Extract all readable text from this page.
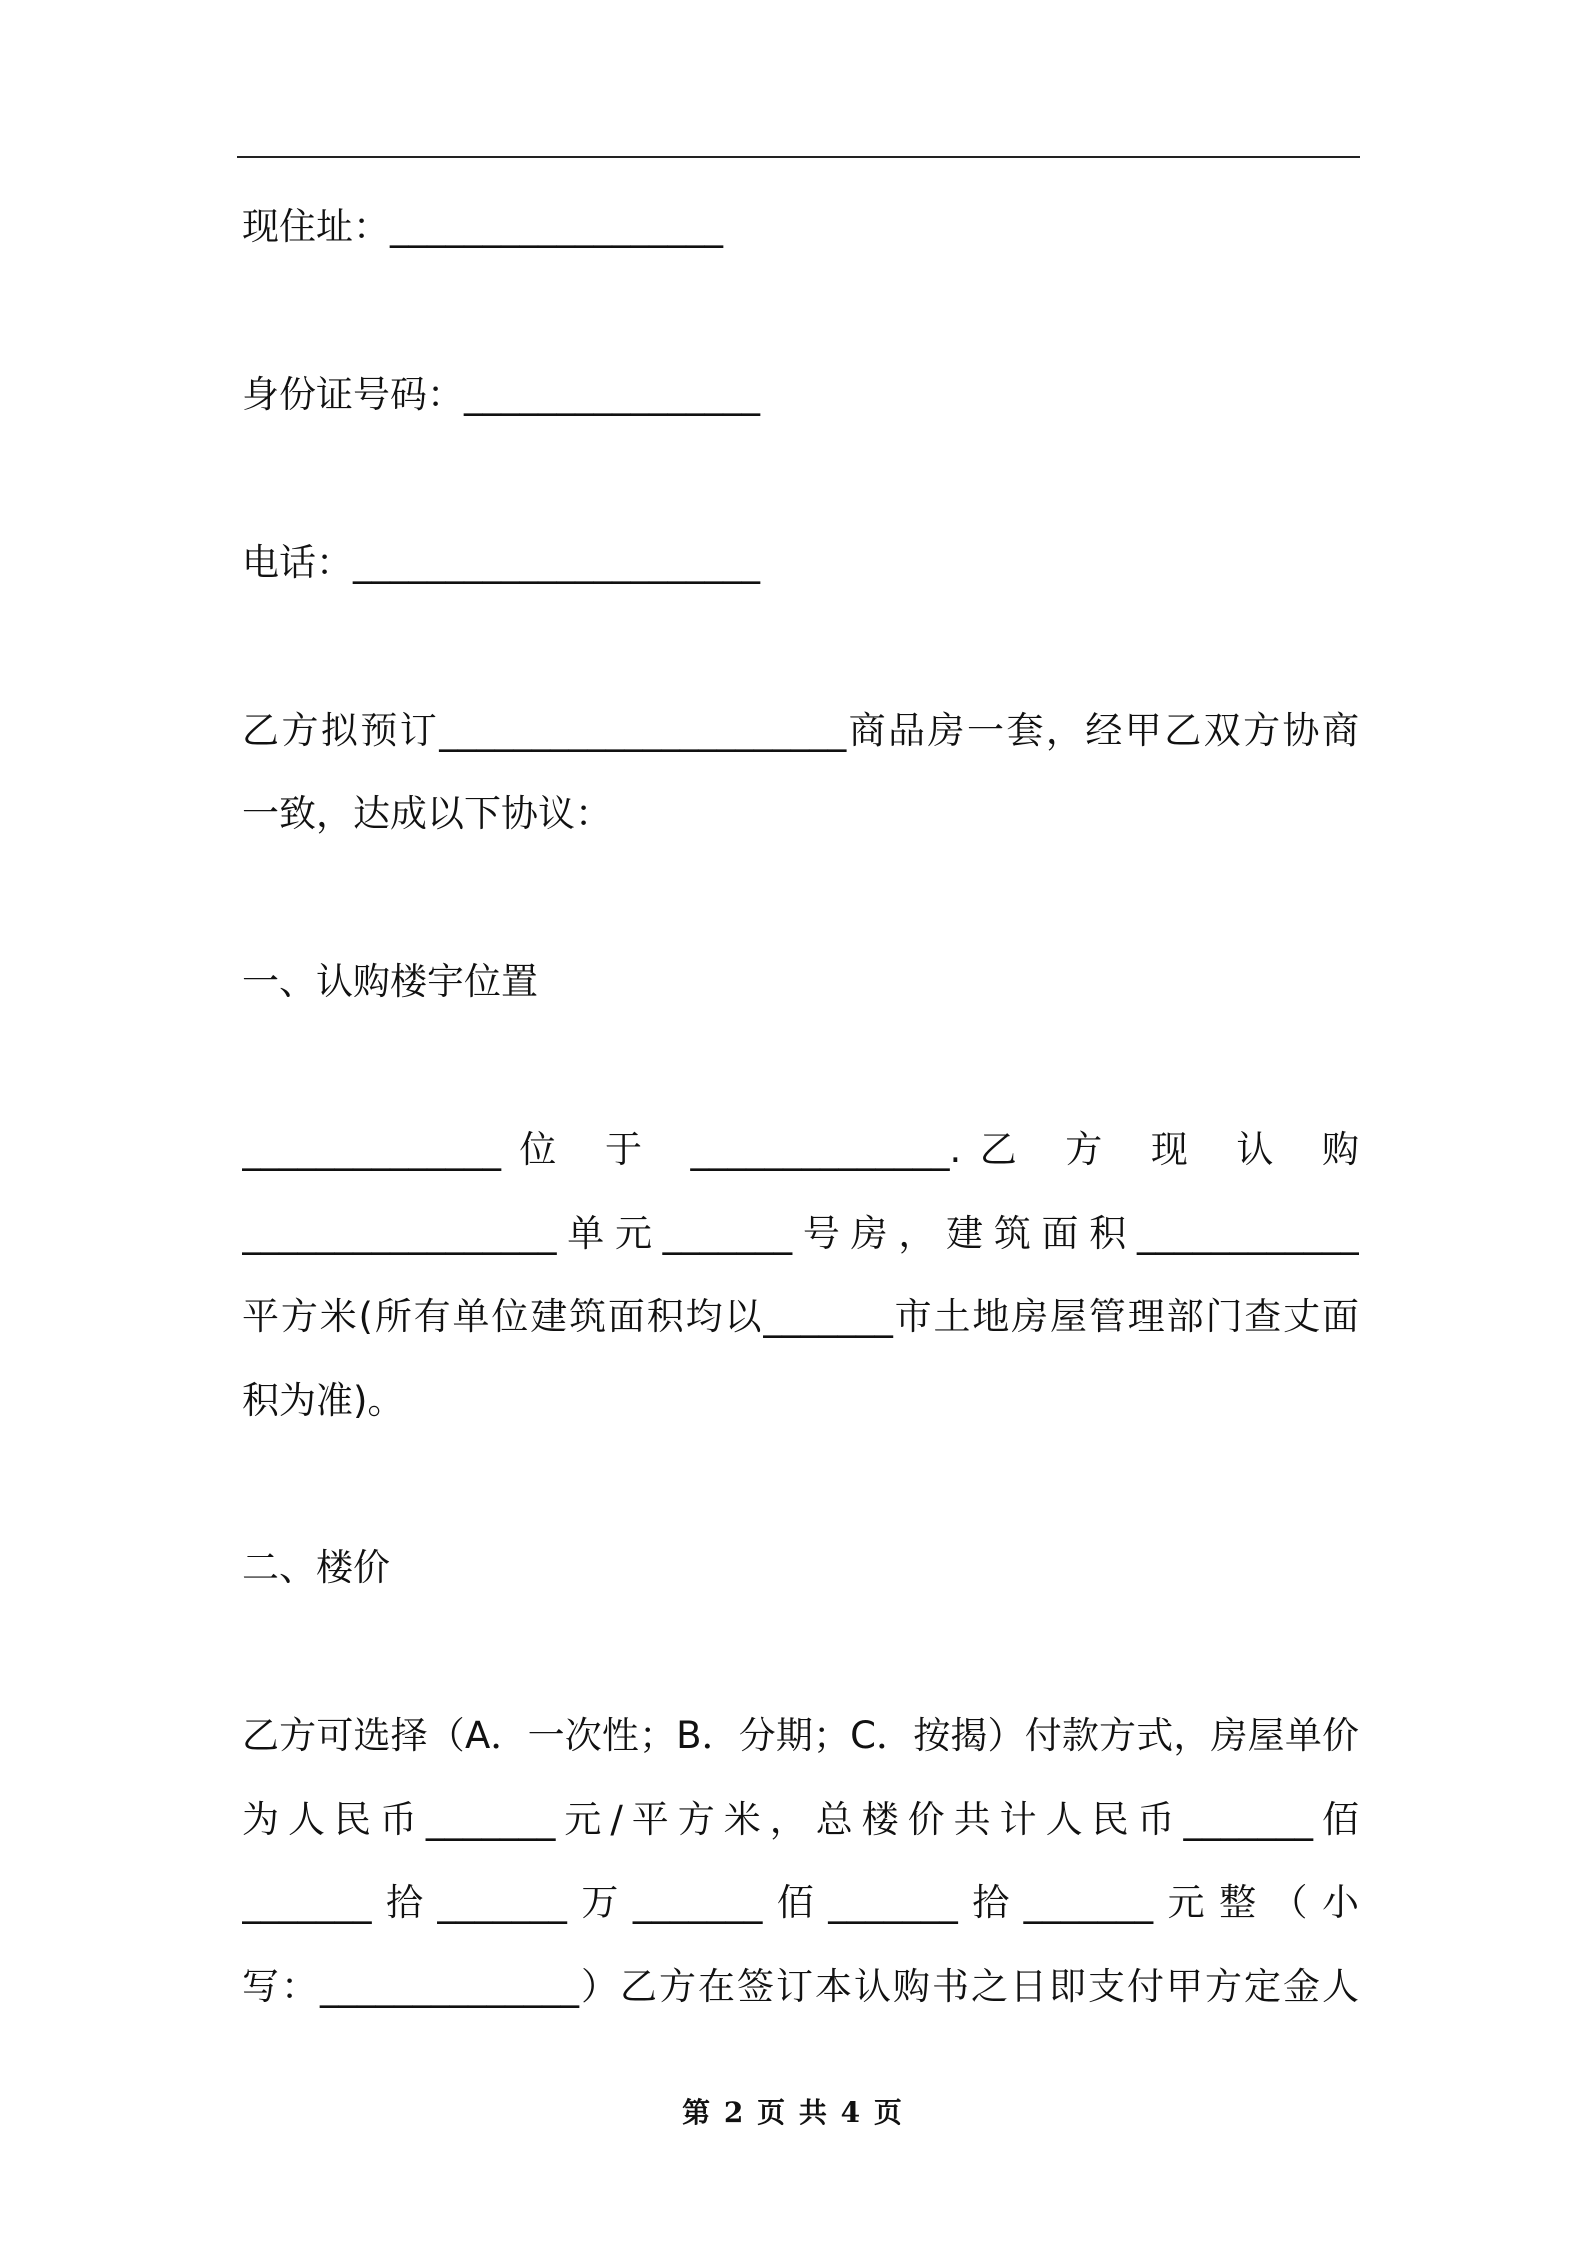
现住址：__________________
身份证号码：________________
电话：______________________
乙方拟预订______________________商品房一套，经甲乙双方协商
一致，达成以下协议：
一、认购楼宇位置
______________位 于 ______________.乙 方 现 认 购
_________________单元_______号房，建筑面积____________
平方米(所有单位建筑面积均以_______市土地房屋管理部门查丈面
积为准)。
二、楼价
乙方可选择（A．一次性；B．分期；C．按揭）付款方式，房屋单价
为人民币_______元/平方米，总楼价共计人民币_______佰
_______拾_______万_______佰_______拾_______元整（小
写：______________）乙方在签订本认购书之日即支付甲方定金人
第 2 页 共 4 页
